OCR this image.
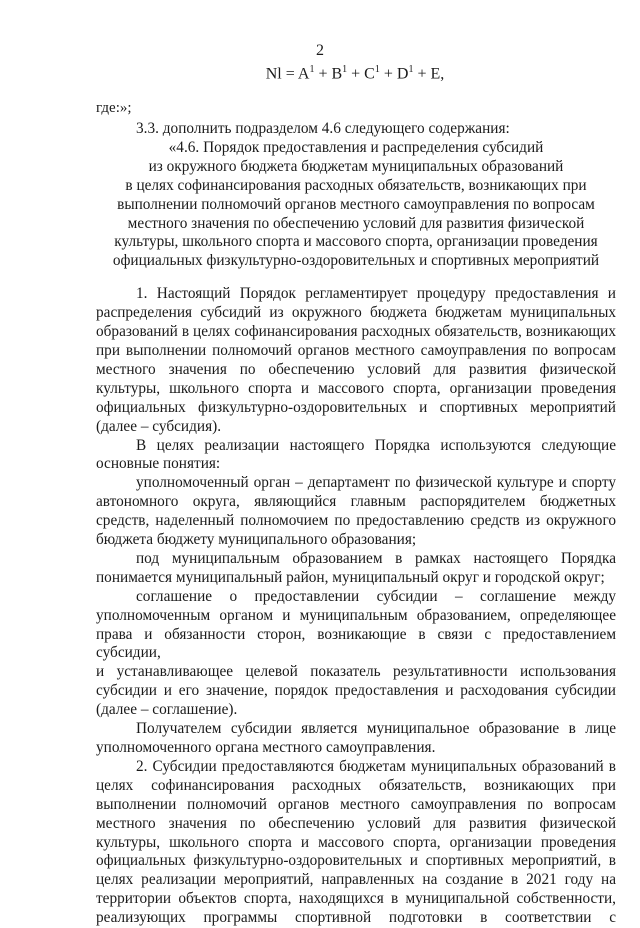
2
$Nl = A^1 + B^1 + C^1 + D^1 + E$,
где:»;
3.3. дополнить подразделом 4.6 следующего содержания:
«4.6. Порядок предоставления и распределения субсидий
из окружного бюджета бюджетам муниципальных образований
в целях софинансирования расходных обязательств, возникающих при
выполнении полномочий органов местного самоуправления по вопросам
местного значения по обеспечению условий для развития физической
культуры, школьного спорта и массового спорта, организации проведения
официальных физкультурно-оздоровительных и спортивных мероприятий
1. Настоящий Порядок регламентирует процедуру предоставления и
распределения субсидий из окружного бюджета бюджетам муниципальных
образований в целях софинансирования расходных обязательств, возникающих
при выполнении полномочий органов местного самоуправления по вопросам
местного значения по обеспечению условий для развития физической
культуры, школьного спорта и массового спорта, организации проведения
официальных физкультурно-оздоровительных и спортивных мероприятий
(далее – субсидия).
В целях реализации настоящего Порядка используются следующие
основные понятия:
уполномоченный орган – департамент по физической культуре и спорту
автономного округа, являющийся главным распорядителем бюджетных
средств, наделенный полномочием по предоставлению средств из окружного
бюджета бюджету муниципального образования;
под муниципальным образованием в рамках настоящего Порядка
понимается муниципальный район, муниципальный округ и городской округ;
соглашение о предоставлении субсидии – соглашение между
уполномоченным органом и муниципальным образованием, определяющее
права и обязанности сторон, возникающие в связи с предоставлением субсидии,
и устанавливающее целевой показатель результативности использования
субсидии и его значение, порядок предоставления и расходования субсидии
(далее – соглашение).
Получателем субсидии является муниципальное образование в лице
уполномоченного органа местного самоуправления.
2. Субсидии предоставляются бюджетам муниципальных образований в
целях софинансирования расходных обязательств, возникающих при
выполнении полномочий органов местного самоуправления по вопросам
местного значения по обеспечению условий для развития физической
культуры, школьного спорта и массового спорта, организации проведения
официальных физкультурно-оздоровительных и спортивных мероприятий, в
целях реализации мероприятий, направленных на создание в 2021 году на
территории объектов спорта, находящихся в муниципальной собственности,
реализующих программы спортивной подготовки в соответствии с
